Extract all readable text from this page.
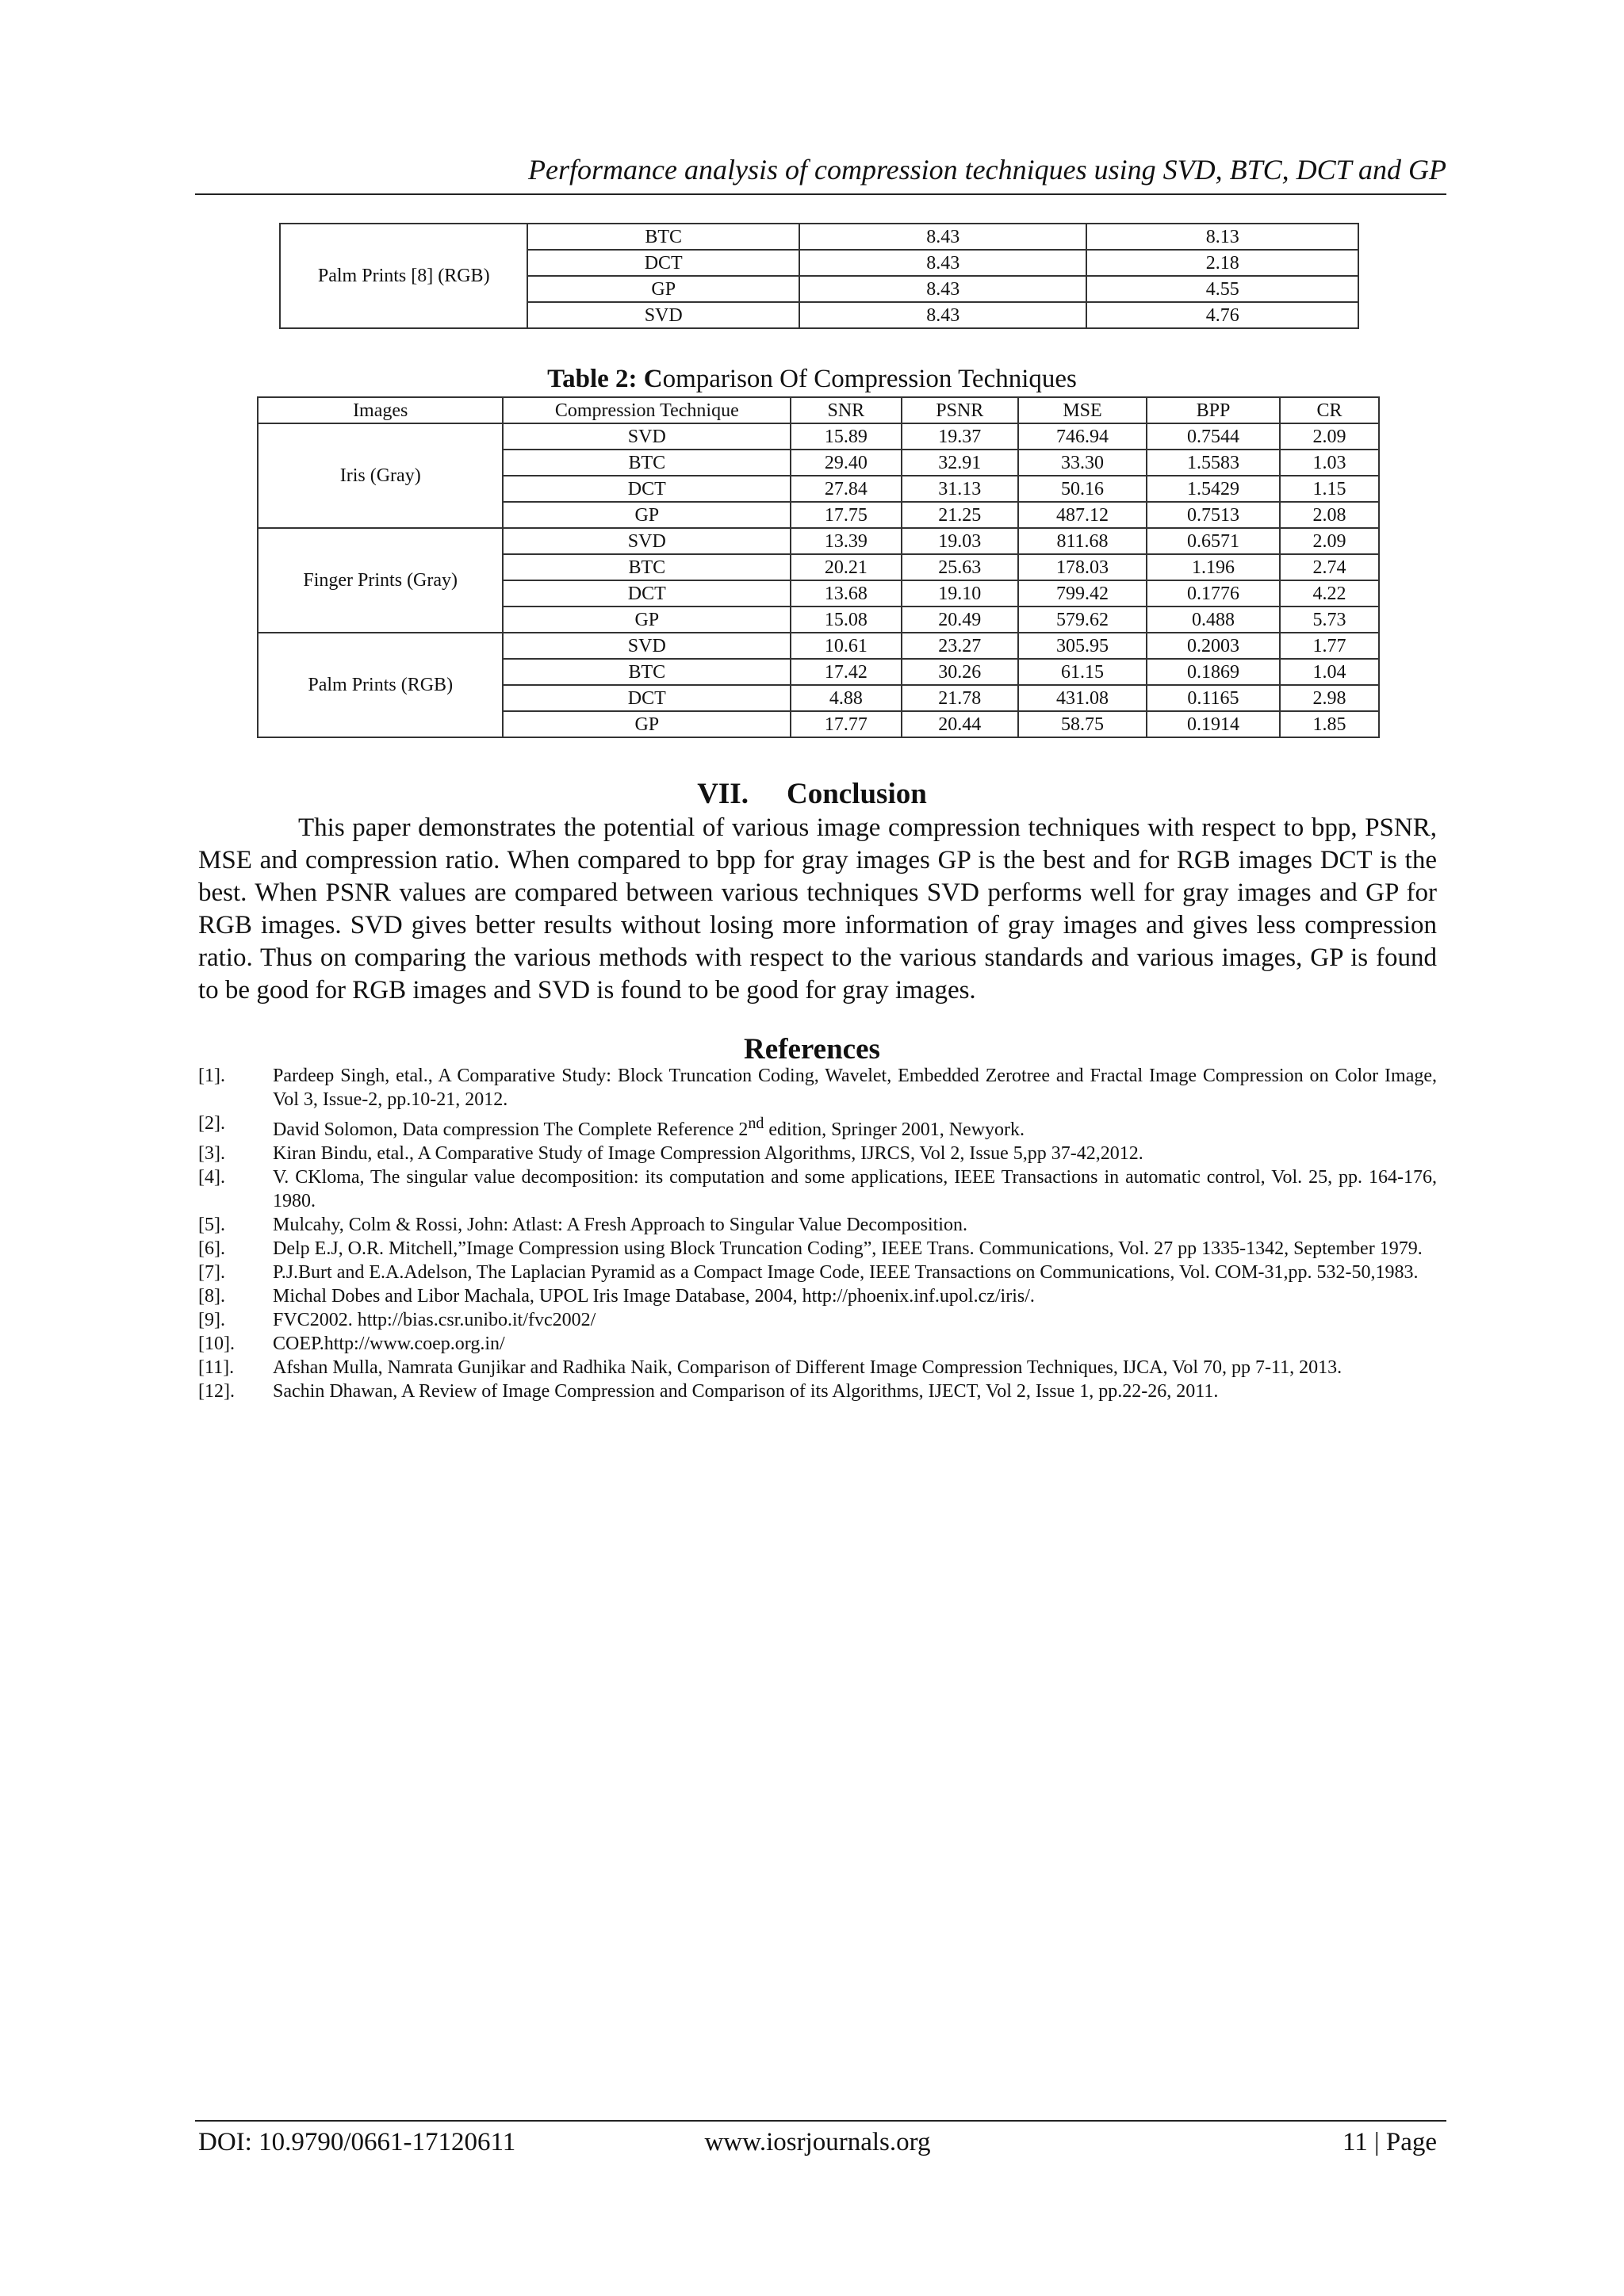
Performance analysis of compression techniques using SVD, BTC, DCT and GP
Palm Prints [8] (RGB)	BTC	8.43	8.13
	DCT	8.43	2.18
	GP	8.43	4.55
	SVD	8.43	4.76
Table 2: Comparison Of Compression Techniques
Images	Compression Technique	SNR	PSNR	MSE	BPP	CR
Iris (Gray)	SVD	15.89	19.37	746.94	0.7544	2.09
	BTC	29.40	32.91	33.30	1.5583	1.03
	DCT	27.84	31.13	50.16	1.5429	1.15
	GP	17.75	21.25	487.12	0.7513	2.08
Finger Prints (Gray)	SVD	13.39	19.03	811.68	0.6571	2.09
	BTC	20.21	25.63	178.03	1.196	2.74
	DCT	13.68	19.10	799.42	0.1776	4.22
	GP	15.08	20.49	579.62	0.488	5.73
Palm Prints (RGB)	SVD	10.61	23.27	305.95	0.2003	1.77
	BTC	17.42	30.26	61.15	0.1869	1.04
	DCT	4.88	21.78	431.08	0.1165	2.98
	GP	17.77	20.44	58.75	0.1914	1.85
VII. Conclusion

This paper demonstrates the potential of various image compression techniques with respect to bpp, PSNR, MSE and compression ratio. When compared to bpp for gray images GP is the best and for RGB images DCT is the best. When PSNR values are compared between various techniques SVD performs well for gray images and GP for RGB images. SVD gives better results without losing more information of gray images and gives less compression ratio. Thus on comparing the various methods with respect to the various standards and various images, GP is found to be good for RGB images and SVD is found to be good for gray images.

References
[1].	Pardeep Singh, etal., A Comparative Study: Block Truncation Coding, Wavelet, Embedded Zerotree and Fractal Image Compression on Color Image, Vol 3, Issue-2, pp.10-21, 2012.
[2].	David Solomon, Data compression The Complete Reference 2nd edition, Springer 2001, Newyork.
[3].	Kiran Bindu, etal., A Comparative Study of Image Compression Algorithms, IJRCS, Vol 2, Issue 5,pp 37-42,2012.
[4].	V. CKloma, The singular value decomposition: its computation and some applications, IEEE Transactions in automatic control, Vol. 25, pp. 164-176, 1980.
[5].	Mulcahy, Colm & Rossi, John: Atlast: A Fresh Approach to Singular Value Decomposition.
[6].	Delp E.J, O.R. Mitchell,”Image Compression using Block Truncation Coding”, IEEE Trans. Communications, Vol. 27 pp 1335-1342, September 1979.
[7].	P.J.Burt and E.A.Adelson, The Laplacian Pyramid as a Compact Image Code, IEEE Transactions on Communications, Vol. COM-31,pp. 532-50,1983.
[8].	Michal Dobes and Libor Machala, UPOL Iris Image Database, 2004, http://phoenix.inf.upol.cz/iris/.
[9].	FVC2002. http://bias.csr.unibo.it/fvc2002/
[10].	COEP.http://www.coep.org.in/
[11].	Afshan Mulla, Namrata Gunjikar and Radhika Naik, Comparison of Different Image Compression Techniques, IJCA, Vol 70, pp 7-11, 2013.
[12].	Sachin Dhawan, A Review of Image Compression and Comparison of its Algorithms, IJECT, Vol 2, Issue 1, pp.22-26, 2011.
DOI: 10.9790/0661-17120611	www.iosrjournals.org	11 | Page
